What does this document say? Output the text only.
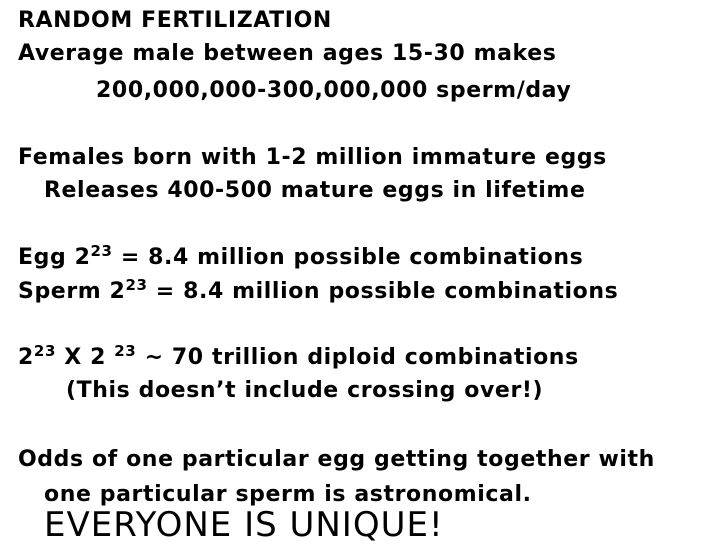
RANDOM FERTILIZATION
Average male between ages 15-30 makes
200,000,000-300,000,000 sperm/day
Females born with 1-2 million immature eggs
Releases 400-500 mature eggs in lifetime
Egg $2^{23} = 8.4$ million possible combinations
Sperm $2^{23} = 8.4$ million possible combinations
$2^{23}$ X 2 $^{23}$ ~ 70 trillion diploid combinations
(This doesn’t include crossing over!)
Odds of one particular egg getting together with
one particular sperm is astronomical.
EVERYONE IS UNIQUE!
